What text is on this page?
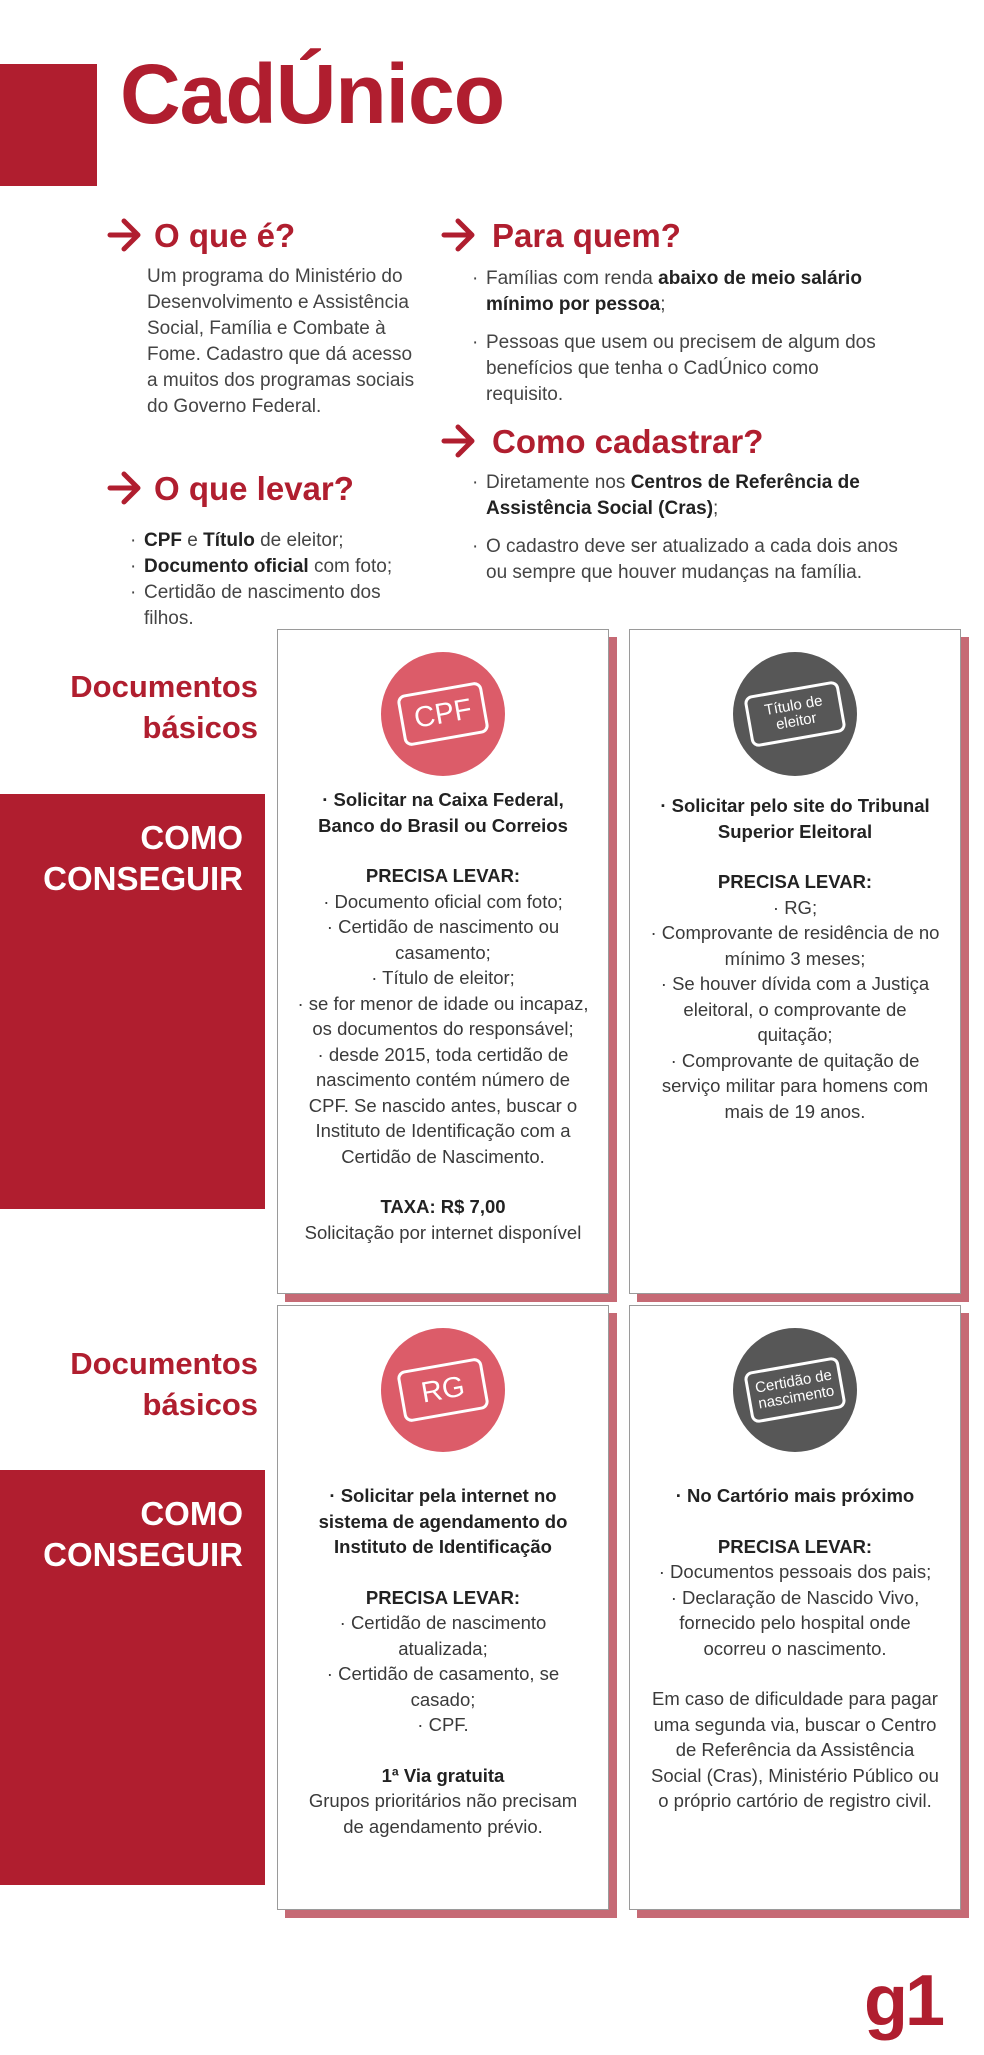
CadÚnico
O que é?

Um programa do Ministério do Desenvolvimento e Assistência Social, Família e Combate à Fome. Cadastro que dá acesso a muitos dos programas sociais do Governo Federal.

Para quem?
· Famílias com renda abaixo de meio salário mínimo por pessoa;
· Pessoas que usem ou precisem de algum dos benefícios que tenha o CadÚnico como requisito.
O que levar?
· CPF e Título de eleitor;
· Documento oficial com foto;
· Certidão de nascimento dos filhos.
Como cadastrar?
· Diretamente nos Centros de Referência de Assistência Social (Cras);
· O cadastro deve ser atualizado a cada dois anos ou sempre que houver mudanças na família.
Documentos
básicos
COMO
CONSEGUIR
CPF

· Solicitar na Caixa Federal, Banco do Brasil ou Correios

PRECISA LEVAR:

· Documento oficial com foto;

· Certidão de nascimento ou casamento;

· Título de eleitor;

· se for menor de idade ou incapaz, os documentos do responsável;

· desde 2015, toda certidão de nascimento contém número de CPF. Se nascido antes, buscar o Instituto de Identificação com a Certidão de Nascimento.

TAXA: R$ 7,00

Solicitação por internet disponível

Título de eleitor

· Solicitar pelo site do Tribunal Superior Eleitoral

PRECISA LEVAR:

· RG;

· Comprovante de residência de no mínimo 3 meses;

· Se houver dívida com a Justiça eleitoral, o comprovante de quitação;

· Comprovante de quitação de serviço militar para homens com mais de 19 anos.

Documentos
básicos
COMO
CONSEGUIR
RG

· Solicitar pela internet no sistema de agendamento do Instituto de Identificação

PRECISA LEVAR:

· Certidão de nascimento atualizada;

· Certidão de casamento, se casado;

· CPF.

1ª Via gratuita

Grupos prioritários não precisam de agendamento prévio.

Certidão de nascimento

· No Cartório mais próximo

PRECISA LEVAR:

· Documentos pessoais dos pais;

· Declaração de Nascido Vivo, fornecido pelo hospital onde ocorreu o nascimento.

Em caso de dificuldade para pagar uma segunda via, buscar o Centro de Referência da Assistência Social (Cras), Ministério Público ou o próprio cartório de registro civil.

g1
